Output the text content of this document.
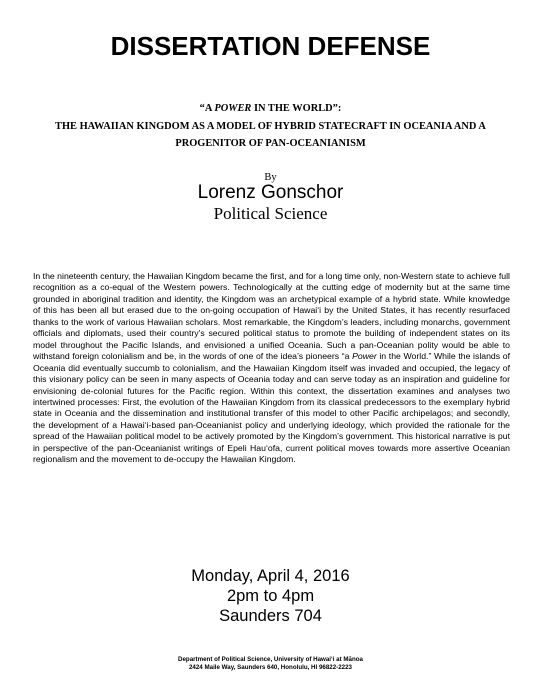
DISSERTATION DEFENSE
“A POWER IN THE WORLD”:
THE HAWAIIAN KINGDOM AS A MODEL OF HYBRID STATECRAFT IN OCEANIA AND A PROGENITOR OF PAN-OCEANIANISM
By
Lorenz Gonschor
Political Science
In the nineteenth century, the Hawaiian Kingdom became the first, and for a long time only, non-Western state to achieve full recognition as a co-equal of the Western powers. Technologically at the cutting edge of modernity but at the same time grounded in aboriginal tradition and identity, the Kingdom was an archetypical example of a hybrid state. While knowledge of this has been all but erased due to the on-going occupation of Hawai‘i by the United States, it has recently resurfaced thanks to the work of various Hawaiian scholars. Most remarkable, the Kingdom’s leaders, including monarchs, government officials and diplomats, used their country’s secured political status to promote the building of independent states on its model throughout the Pacific Islands, and envisioned a unified Oceania. Such a pan-Oceanian polity would be able to withstand foreign colonialism and be, in the words of one of the idea’s pioneers “a Power in the World.” While the islands of Oceania did eventually succumb to colonialism, and the Hawaiian Kingdom itself was invaded and occupied, the legacy of this visionary policy can be seen in many aspects of Oceania today and can serve today as an inspiration and guideline for envisioning de-colonial futures for the Pacific region. Within this context, the dissertation examines and analyses two intertwined processes: First, the evolution of the Hawaiian Kingdom from its classical predecessors to the exemplary hybrid state in Oceania and the dissemination and institutional transfer of this model to other Pacific archipelagos; and secondly, the development of a Hawai‘i-based pan-Oceanianist policy and underlying ideology, which provided the rationale for the spread of the Hawaiian political model to be actively promoted by the Kingdom’s government. This historical narrative is put in perspective of the pan-Oceanianist writings of Epeli Hau‘ofa, current political moves towards more assertive Oceanian regionalism and the movement to de-occupy the Hawaiian Kingdom.
Monday, April 4, 2016
2pm to 4pm
Saunders 704
Department of Political Science, University of Hawai‘i at Mānoa
2424 Maile Way, Saunders 640, Honolulu, HI 96822-2223
